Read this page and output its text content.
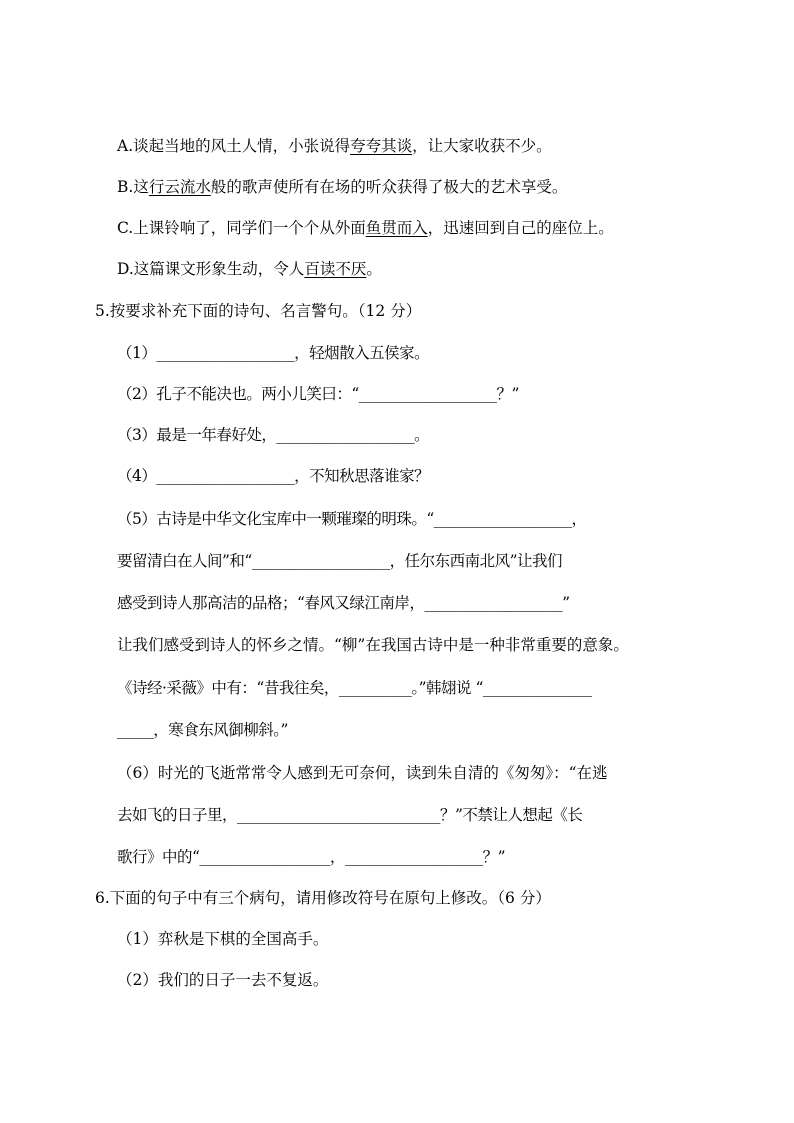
A.谈起当地的风土人情，小张说得夸夸其谈，让大家收获不少。
B.这行云流水般的歌声使所有在场的听众获得了极大的艺术享受。
C.上课铃响了，同学们一个个从外面鱼贯而入，迅速回到自己的座位上。
D.这篇课文形象生动，令人百读不厌。
5.按要求补充下面的诗句、名言警句。（12 分）
（1）___________________，轻烟散入五侯家。
（2）孔子不能决也。两小儿笑曰：“___________________？”
（3）最是一年春好处，___________________。
（4）___________________，不知秋思落谁家？
（5）古诗是中华文化宝库中一颗璀璨的明珠。“___________________，
要留清白在人间”和“___________________，任尔东西南北风”让我们
感受到诗人那高洁的品格；“春风又绿江南岸，___________________”
让我们感受到诗人的怀乡之情。“柳”在我国古诗中是一种非常重要的意象。
《诗经·采薇》中有：“昔我往矣，__________。”韩翃说 “_______________
_____，寒食东风御柳斜。”
（6）时光的飞逝常常令人感到无可奈何，读到朱自清的《匆匆》：“在逃
去如飞的日子里，____________________________？”不禁让人想起《长
歌行》中的“__________________，___________________？”
6.下面的句子中有三个病句，请用修改符号在原句上修改。（6 分）
（1）弈秋是下棋的全国高手。
（2）我们的日子一去不复返。
